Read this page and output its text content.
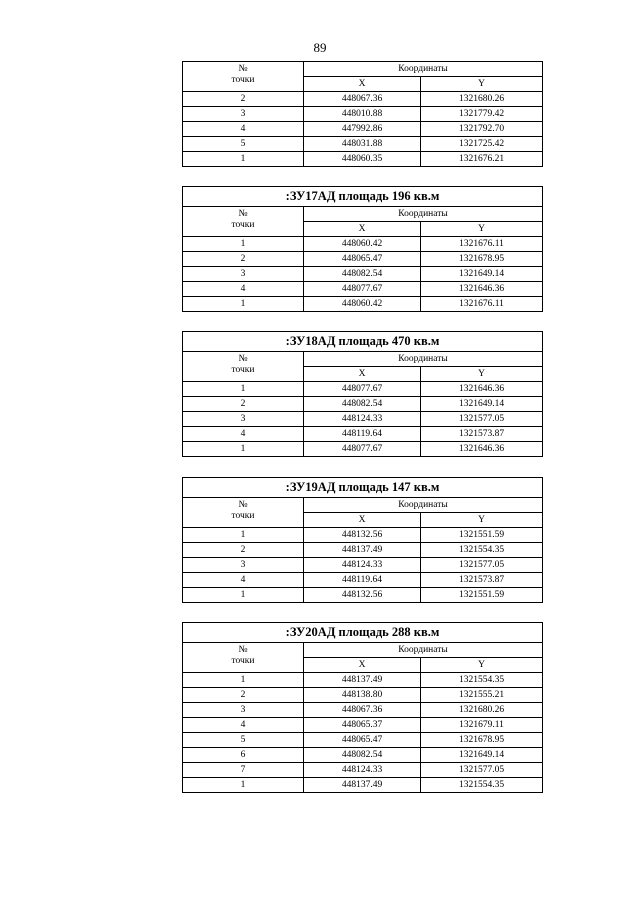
89
№
точки	Координаты	
	X	Y
2	448067.36	1321680.26
3	448010.88	1321779.42
4	447992.86	1321792.70
5	448031.88	1321725.42
1	448060.35	1321676.21
:ЗУ17АД площадь 196 кв.м		

№
точки	Координаты	
	X	Y
1	448060.42	1321676.11
2	448065.47	1321678.95
3	448082.54	1321649.14
4	448077.67	1321646.36
1	448060.42	1321676.11
:ЗУ18АД площадь 470 кв.м		

№
точки	Координаты	
	X	Y
1	448077.67	1321646.36
2	448082.54	1321649.14
3	448124.33	1321577.05
4	448119.64	1321573.87
1	448077.67	1321646.36
:ЗУ19АД площадь 147 кв.м		

№
точки	Координаты	
	X	Y
1	448132.56	1321551.59
2	448137.49	1321554.35
3	448124.33	1321577.05
4	448119.64	1321573.87
1	448132.56	1321551.59
:ЗУ20АД площадь 288 кв.м		

№
точки	Координаты	
	X	Y
1	448137.49	1321554.35
2	448138.80	1321555.21
3	448067.36	1321680.26
4	448065.37	1321679.11
5	448065.47	1321678.95
6	448082.54	1321649.14
7	448124.33	1321577.05
1	448137.49	1321554.35
